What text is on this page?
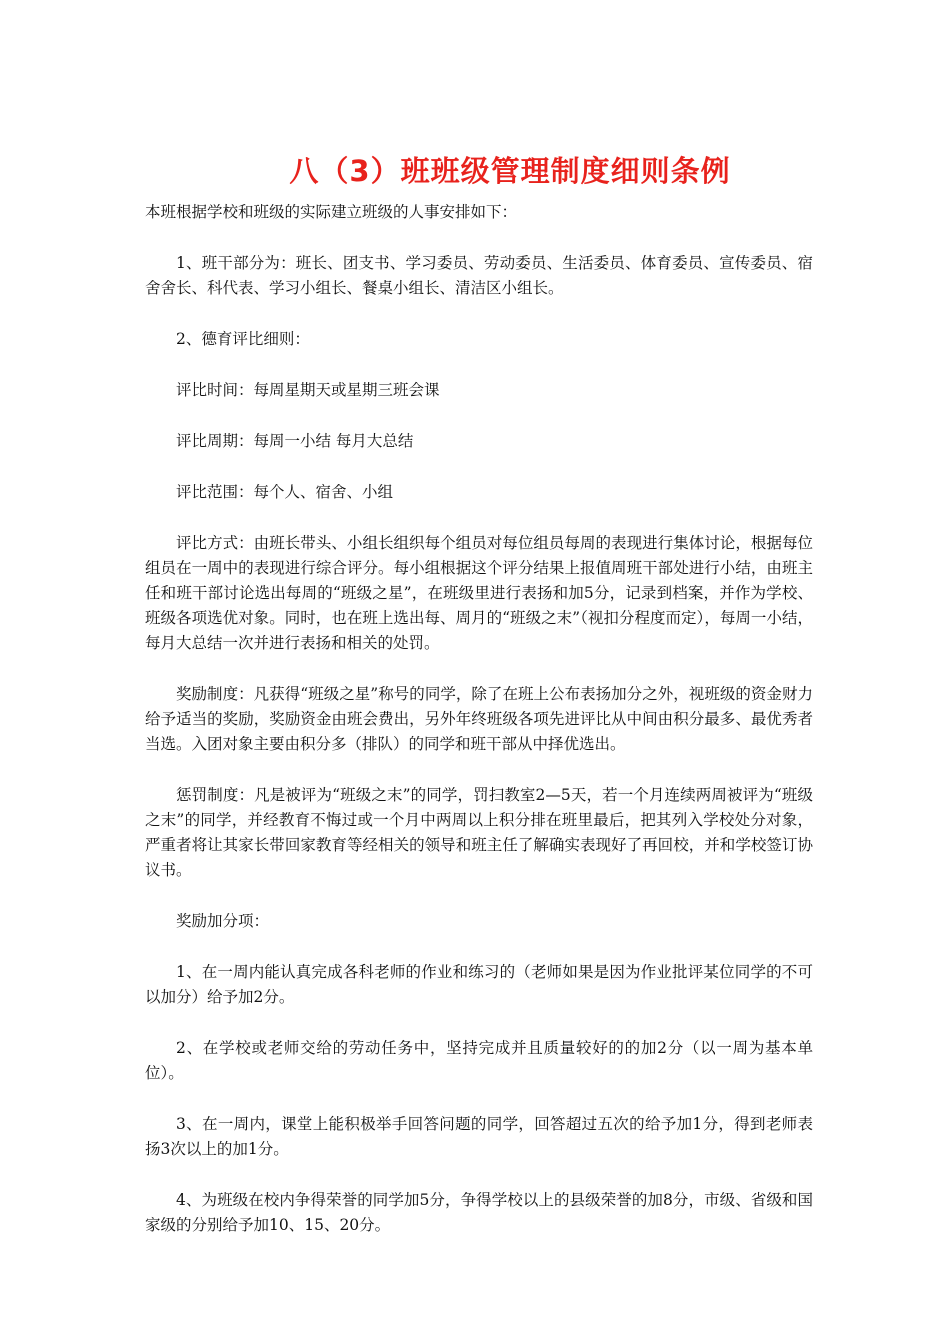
八（3）班班级管理制度细则条例

本班根据学校和班级的实际建立班级的人事安排如下：

1、班干部分为：班长、团支书、学习委员、劳动委员、生活委员、体育委员、宣传委员、宿舍舍长、科代表、学习小组长、餐桌小组长、清洁区小组长。

2、德育评比细则：

评比时间：每周星期天或星期三班会课

评比周期：每周一小结 每月大总结

评比范围：每个人、宿舍、小组

评比方式：由班长带头、小组长组织每个组员对每位组员每周的表现进行集体讨论，根据每位组员在一周中的表现进行综合评分。每小组根据这个评分结果上报值周班干部处进行小结，由班主任和班干部讨论选出每周的“班级之星”，在班级里进行表扬和加5分，记录到档案，并作为学校、班级各项选优对象。同时，也在班上选出每、周月的“班级之末”（视扣分程度而定），每周一小结，每月大总结一次并进行表扬和相关的处罚。

奖励制度：凡获得“班级之星”称号的同学，除了在班上公布表扬加分之外，视班级的资金财力给予适当的奖励，奖励资金由班会费出，另外年终班级各项先进评比从中间由积分最多、最优秀者当选。入团对象主要由积分多（排队）的同学和班干部从中择优选出。

惩罚制度：凡是被评为“班级之末”的同学，罚扫教室2—5天，若一个月连续两周被评为“班级之末”的同学，并经教育不悔过或一个月中两周以上积分排在班里最后，把其列入学校处分对象，严重者将让其家长带回家教育等经相关的领导和班主任了解确实表现好了再回校，并和学校签订协议书。

奖励加分项：

1、在一周内能认真完成各科老师的作业和练习的（老师如果是因为作业批评某位同学的不可以加分）给予加2分。

2、在学校或老师交给的劳动任务中，坚持完成并且质量较好的的加2分（以一周为基本单位）。

3、在一周内，课堂上能积极举手回答问题的同学，回答超过五次的给予加1分，得到老师表扬3次以上的加1分。

4、为班级在校内争得荣誉的同学加5分，争得学校以上的县级荣誉的加8分，市级、省级和国家级的分别给予加10、15、20分。
